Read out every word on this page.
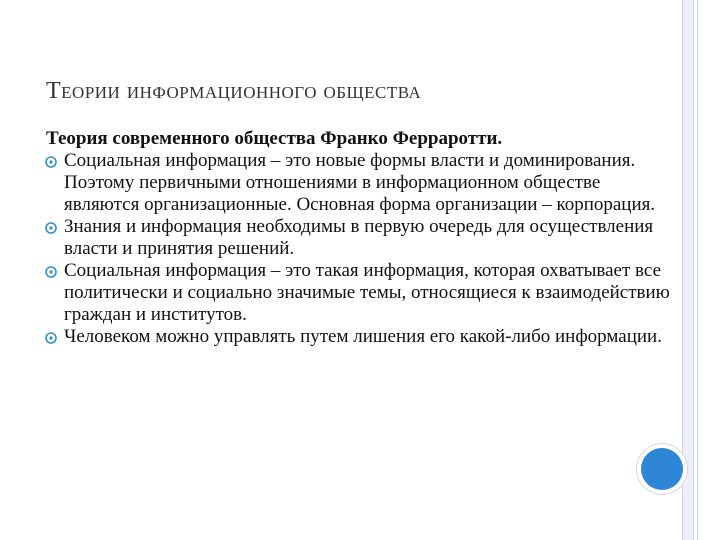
Теории информационного общества

Теория современного общества Франко Ферраротти.

Социальная информация – это новые формы власти и доминирования. Поэтому первичными отношениями в информационном обществе являются организационные. Основная форма организации – корпорация.
Знания и информация необходимы в первую очередь для осуществления власти и принятия решений.
Социальная информация – это такая информация, которая охватывает все политически и социально значимые темы, относящиеся к взаимодействию граждан и институтов.
Человеком можно управлять путем лишения его какой-либо информации.
